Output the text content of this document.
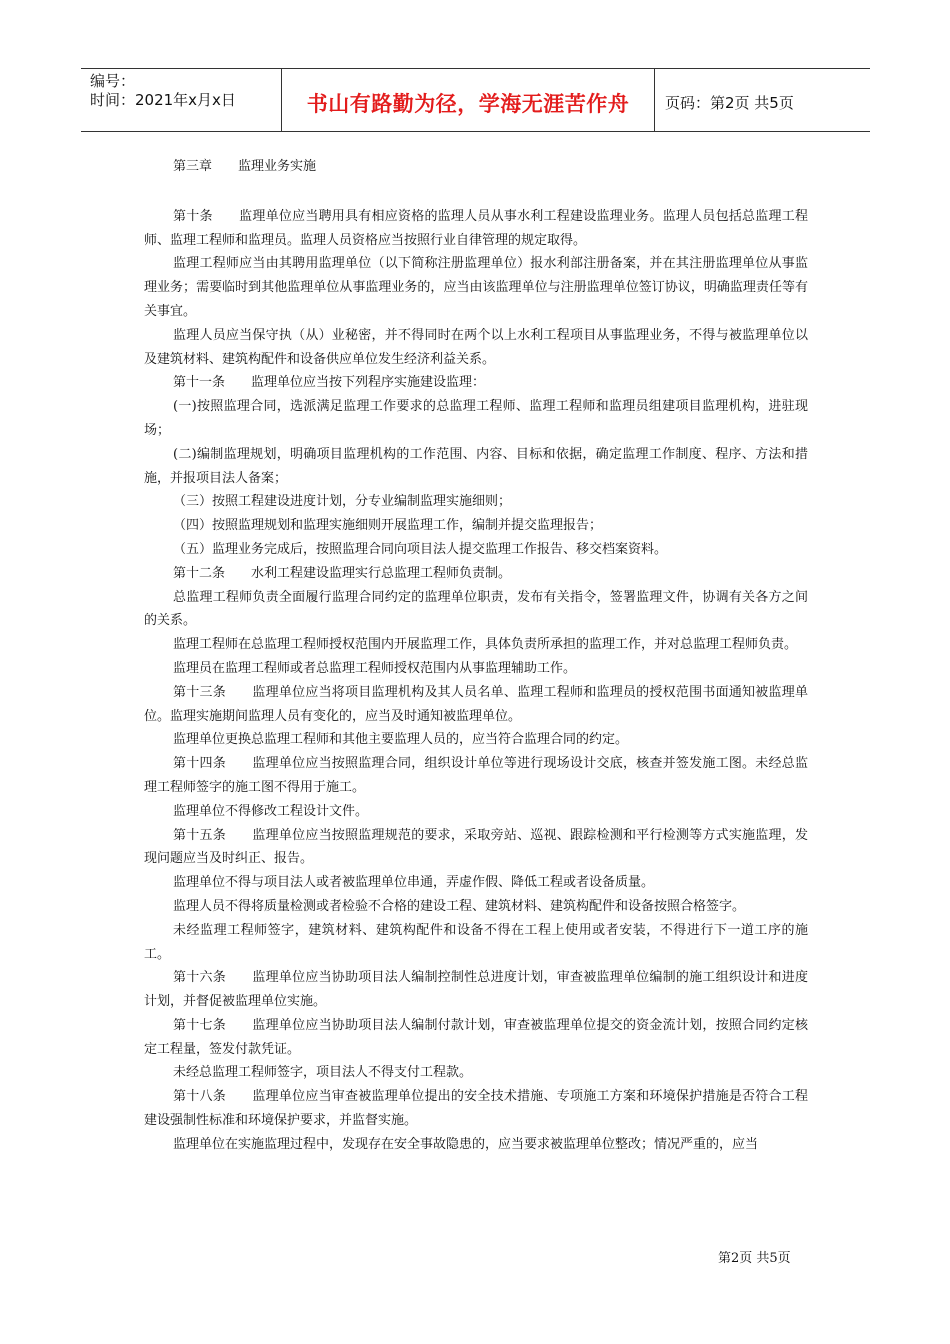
编号：
时间：2021年x月x日	书山有路勤为径，学海无涯苦作舟	页码：第2页 共5页

第三章　　监理业务实施

第十条　　监理单位应当聘用具有相应资格的监理人员从事水利工程建设监理业务。监理人员包括总监理工程师、监理工程师和监理员。监理人员资格应当按照行业自律管理的规定取得。

监理工程师应当由其聘用监理单位（以下简称注册监理单位）报水利部注册备案，并在其注册监理单位从事监理业务；需要临时到其他监理单位从事监理业务的，应当由该监理单位与注册监理单位签订协议，明确监理责任等有关事宜。

监理人员应当保守执（从）业秘密，并不得同时在两个以上水利工程项目从事监理业务，不得与被监理单位以及建筑材料、建筑构配件和设备供应单位发生经济利益关系。

第十一条　　监理单位应当按下列程序实施建设监理：

(一)按照监理合同，选派满足监理工作要求的总监理工程师、监理工程师和监理员组建项目监理机构，进驻现场；

(二)编制监理规划，明确项目监理机构的工作范围、内容、目标和依据，确定监理工作制度、程序、方法和措施，并报项目法人备案；

（三）按照工程建设进度计划，分专业编制监理实施细则；

（四）按照监理规划和监理实施细则开展监理工作，编制并提交监理报告；

（五）监理业务完成后，按照监理合同向项目法人提交监理工作报告、移交档案资料。

第十二条　　水利工程建设监理实行总监理工程师负责制。

总监理工程师负责全面履行监理合同约定的监理单位职责，发布有关指令，签署监理文件，协调有关各方之间的关系。

监理工程师在总监理工程师授权范围内开展监理工作，具体负责所承担的监理工作，并对总监理工程师负责。

监理员在监理工程师或者总监理工程师授权范围内从事监理辅助工作。

第十三条　　监理单位应当将项目监理机构及其人员名单、监理工程师和监理员的授权范围书面通知被监理单位。监理实施期间监理人员有变化的，应当及时通知被监理单位。

监理单位更换总监理工程师和其他主要监理人员的，应当符合监理合同的约定。

第十四条　　监理单位应当按照监理合同，组织设计单位等进行现场设计交底，核查并签发施工图。未经总监理工程师签字的施工图不得用于施工。

监理单位不得修改工程设计文件。

第十五条　　监理单位应当按照监理规范的要求，采取旁站、巡视、跟踪检测和平行检测等方式实施监理，发现问题应当及时纠正、报告。

监理单位不得与项目法人或者被监理单位串通，弄虚作假、降低工程或者设备质量。

监理人员不得将质量检测或者检验不合格的建设工程、建筑材料、建筑构配件和设备按照合格签字。

未经监理工程师签字，建筑材料、建筑构配件和设备不得在工程上使用或者安装，不得进行下一道工序的施工。

第十六条　　监理单位应当协助项目法人编制控制性总进度计划，审查被监理单位编制的施工组织设计和进度计划，并督促被监理单位实施。

第十七条　　监理单位应当协助项目法人编制付款计划，审查被监理单位提交的资金流计划，按照合同约定核定工程量，签发付款凭证。

未经总监理工程师签字，项目法人不得支付工程款。

第十八条　　监理单位应当审查被监理单位提出的安全技术措施、专项施工方案和环境保护措施是否符合工程建设强制性标准和环境保护要求，并监督实施。

监理单位在实施监理过程中，发现存在安全事故隐患的，应当要求被监理单位整改；情况严重的，应当

第2页 共5页
